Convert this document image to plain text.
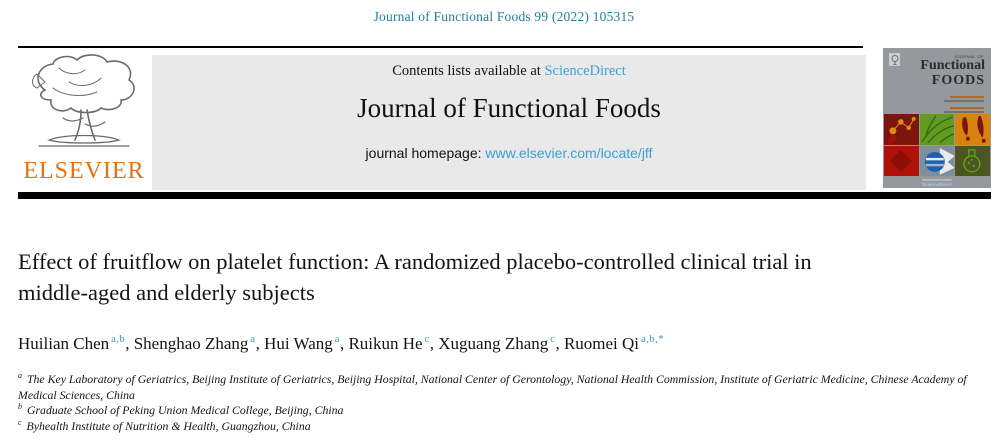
Journal of Functional Foods 99 (2022) 105315
ELSEVIER
Contents lists available at ScienceDirect
Journal of Functional Foods
journal homepage: www.elsevier.com/locate/jff
JOURNAL OF
Functional
FOODS
■■■■■■■■■■■■■■
ScienceDirect
Effect of fruitflow on platelet function: A randomized placebo-controlled clinical trial in middle-aged and elderly subjects
Huilian Chen $^{a,b}$, Shenghao Zhang $^a$, Hui Wang $^a$, Ruikun He $^c$, Xuguang Zhang $^c$, Ruomei Qi $^{a,b,*}$

$^a$ The Key Laboratory of Geriatrics, Beijing Institute of Geriatrics, Beijing Hospital, National Center of Gerontology, National Health Commission, Institute of Geriatric Medicine, Chinese Academy of Medical Sciences, China

$^b$ Graduate School of Peking Union Medical College, Beijing, China

$^c$ Byhealth Institute of Nutrition & Health, Guangzhou, China
